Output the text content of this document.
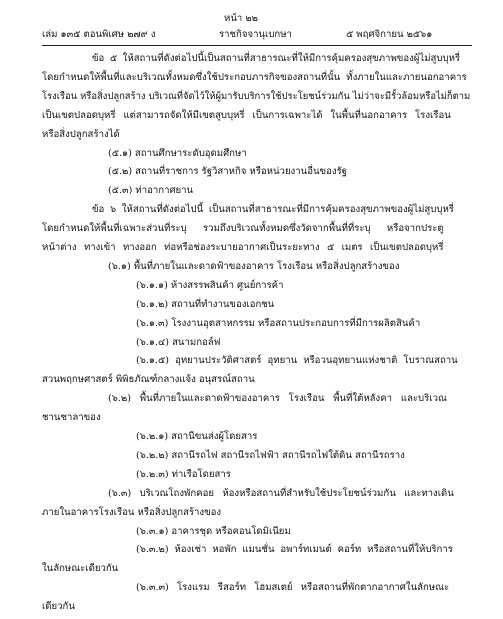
หน้า ๒๒
เล่ม ๑๓๕ ตอนพิเศษ ๒๗๙ ง	ราชกิจจานุเบกษา	๕ พฤศจิกายน ๒๕๖๑
ข้อ ๕ ให้สถานที่ดังต่อไปนี้เป็นสถานที่สาธารณะที่ให้มีการคุ้มครองสุขภาพของผู้ไม่สูบบุหรี่
โดยกำหนดให้พื้นที่และบริเวณทั้งหมดซึ่งใช้ประกอบภารกิจของสถานที่นั้น ทั้งภายในและภายนอกอาคาร
โรงเรือน หรือสิ่งปลูกสร้าง บริเวณที่จัดไว้ให้ผู้มารับบริการใช้ประโยชน์ร่วมกัน ไม่ว่าจะมีรั้วล้อมหรือไม่ก็ตาม
เป็นเขตปลอดบุหรี่ แต่สามารถจัดให้มีเขตสูบบุหรี่ เป็นการเฉพาะได้ ในพื้นที่นอกอาคาร โรงเรือน
หรือสิ่งปลูกสร้างได้
(๕.๑) สถานศึกษาระดับอุดมศึกษา
(๕.๒) สถานที่ราชการ รัฐวิสาหกิจ หรือหน่วยงานอื่นของรัฐ
(๕.๓) ท่าอากาศยาน
ข้อ ๖ ให้สถานที่ดังต่อไปนี้ เป็นสถานที่สาธารณะที่มีการคุ้มครองสุขภาพของผู้ไม่สูบบุหรี่
โดยกำหนดให้พื้นที่เฉพาะส่วนที่ระบุ รวมถึงบริเวณทั้งหมดซึ่งวัดจากพื้นที่ที่ระบุ หรือจากประตู
หน้าต่าง ทางเข้า ทางออก ท่อหรือช่องระบายอากาศเป็นระยะทาง ๕ เมตร เป็นเขตปลอดบุหรี่
(๖.๑) พื้นที่ภายในและดาดฟ้าของอาคาร โรงเรือน หรือสิ่งปลูกสร้างของ
(๖.๑.๑) ห้างสรรพสินค้า ศูนย์การค้า
(๖.๑.๒) สถานที่ทำงานของเอกชน
(๖.๑.๓) โรงงานอุตสาหกรรม หรือสถานประกอบการที่มีการผลิตสินค้า
(๖.๑.๔) สนามกอล์ฟ
(๖.๑.๕) อุทยานประวัติศาสตร์ อุทยาน หรือวนอุทยานแห่งชาติ โบราณสถาน
สวนพฤกษศาสตร์ พิพิธภัณฑ์กลางแจ้ง อนุสรณ์สถาน
(๖.๒) พื้นที่ภายในและดาดฟ้าของอาคาร โรงเรือน พื้นที่ใต้หลังคา และบริเวณ
ชานชาลาของ
(๖.๒.๑) สถานีขนส่งผู้โดยสาร
(๖.๒.๒) สถานีรถไฟ สถานีรถไฟฟ้า สถานีรถไฟใต้ดิน สถานีรถราง
(๖.๒.๓) ท่าเรือโดยสาร
(๖.๓) บริเวณโถงพักคอย ห้องหรือสถานที่สำหรับใช้ประโยชน์ร่วมกัน และทางเดิน
ภายในอาคารโรงเรือน หรือสิ่งปลูกสร้างของ
(๖.๓.๑) อาคารชุด หรือคอนโดมิเนียม
(๖.๓.๒) ห้องเช่า หอพัก แมนชั่น อพาร์ทเมนต์ คอร์ท หรือสถานที่ให้บริการ
ในลักษณะเดียวกัน
(๖.๓.๓) โรงแรม รีสอร์ท โฮมสเตย์ หรือสถานที่พักตากอากาศในลักษณะ
เดียวกัน
